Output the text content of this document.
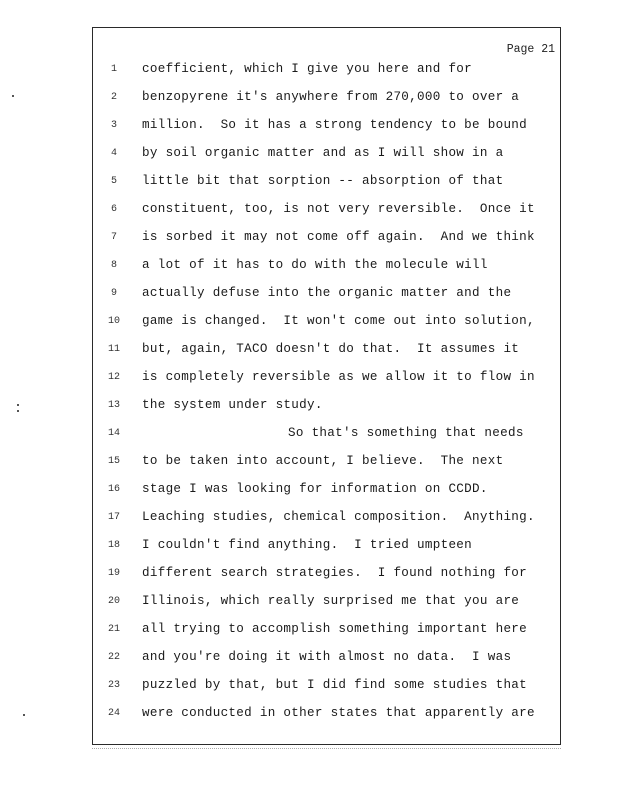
Page 21
1	coefficient, which I give you here and for
2	benzopyrene it's anywhere from 270,000 to over a
3	million.  So it has a strong tendency to be bound
4	by soil organic matter and as I will show in a
5	little bit that sorption -- absorption of that
6	constituent, too, is not very reversible.  Once it
7	is sorbed it may not come off again.  And we think
8	a lot of it has to do with the molecule will
9	actually defuse into the organic matter and the
10	game is changed.  It won't come out into solution,
11	but, again, TACO doesn't do that.  It assumes it
12	is completely reversible as we allow it to flow in
13	the system under study.
14	So that's something that needs
15	to be taken into account, I believe.  The next
16	stage I was looking for information on CCDD.
17	Leaching studies, chemical composition.  Anything.
18	I couldn't find anything.  I tried umpteen
19	different search strategies.  I found nothing for
20	Illinois, which really surprised me that you are
21	all trying to accomplish something important here
22	and you're doing it with almost no data.  I was
23	puzzled by that, but I did find some studies that
24	were conducted in other states that apparently are
